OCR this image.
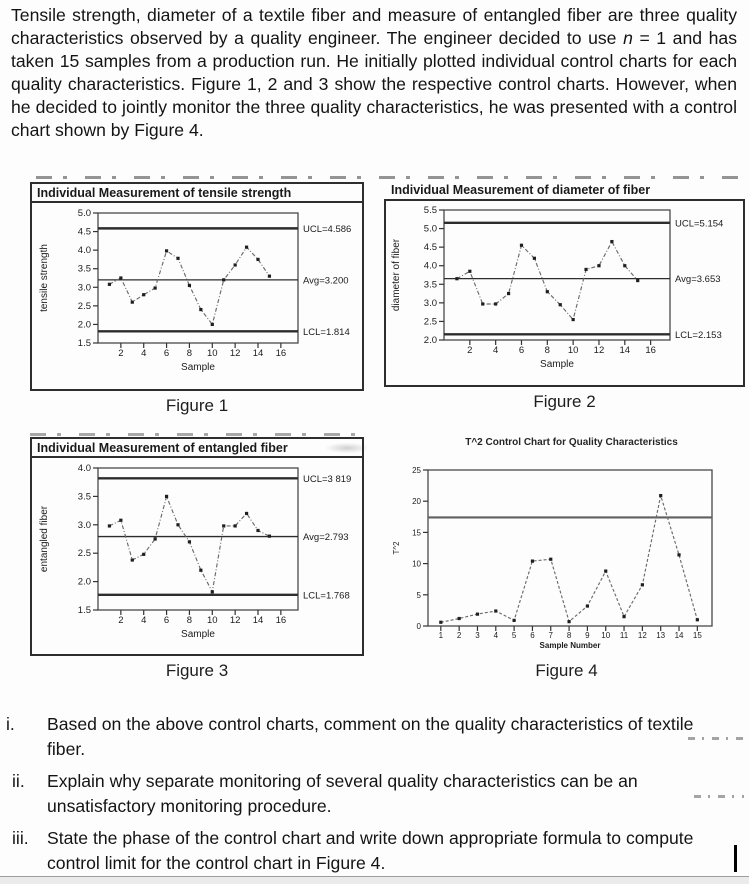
Tensile strength, diameter of a textile fiber and measure of entangled fiber are three quality characteristics observed by a quality engineer. The engineer decided to use n = 1 and has taken 15 samples from a production run. He initially plotted individual control charts for each quality characteristics. Figure 1, 2 and 3 show the respective control charts. However, when he decided to jointly monitor the three quality characteristics, he was presented with a control chart shown by Figure 4.

Individual Measurement of tensile strength
5.0
4.5
4.0
3.5
3.0
2.5
2.0
1.5
2 4 6 8 10 12 14 16
UCL=4.586
Avg=3.200
LCL=1.814
tensile strength
Sample
Figure 1
Individual Measurement of diameter of fiber
5.5
5.0
4.5
4.0
3.5
3.0
2.5
2.0
2 4 6 8 10 12 14 16
UCL=5.154
Avg=3.653
LCL=2.153
diameter of fiber
Sample
Figure 2
Individual Measurement of entangled fiber
4.0
3.5
3.0
2.5
2.0
1.5
2 4 6 8 10 12 14 16
UCL=3 819
Avg=2.793
LCL=1.768
entangled fiber
Sample
Figure 3
T^2 Control Chart for Quality Characteristics
25
20
15
10
5
0
1 2 3 4 5 6 7 8 9 10 11 12 13 14 15
T^2
Sample Number
Figure 4
i.	Based on the above control charts, comment on the quality characteristics of textile fiber.
ii.	Explain why separate monitoring of several quality characteristics can be an unsatisfactory monitoring procedure.
iii.	State the phase of the control chart and write down appropriate formula to compute control limit for the control chart in Figure 4.
